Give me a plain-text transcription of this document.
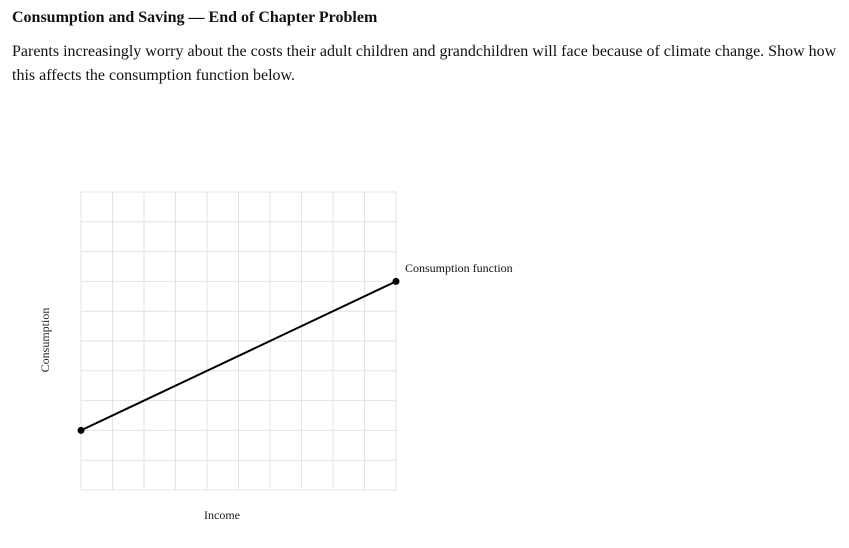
Consumption and Saving — End of Chapter Problem

Parents increasingly worry about the costs their adult children and grandchildren will face because of climate change. Show how this affects the consumption function below.

Consumption function
Income
Consumption
